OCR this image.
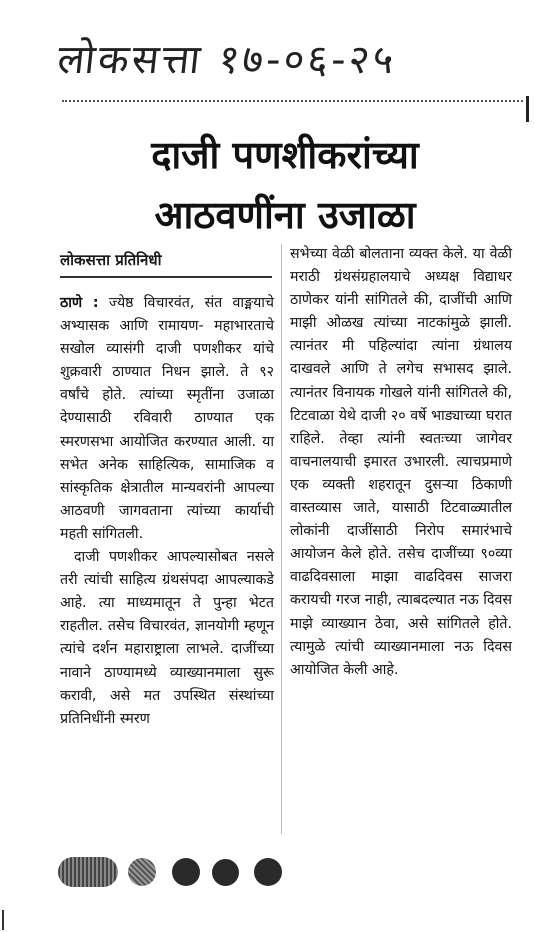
लोकसत्ता १७-०६-२५
दाजी पणशीकरांच्या
आठवणींना उजाळा
लोकसत्ता प्रतिनिधी

ठाणे : ज्येष्ठ विचारवंत, संत वाङ्मयाचे अभ्यासक आणि रामायण- महाभारताचे सखोल व्यासंगी दाजी पणशीकर यांचे शुक्रवारी ठाण्यात निधन झाले. ते ९२ वर्षांचे होते. त्यांच्या स्मृतींना उजाळा देण्यासाठी रविवारी ठाण्यात एक स्मरणसभा आयोजित करण्यात आली. या सभेत अनेक साहित्यिक, सामाजिक व सांस्कृतिक क्षेत्रातील मान्यवरांनी आपल्या आठवणी जागवताना त्यांच्या कार्याची महती सांगितली.

दाजी पणशीकर आपल्यासोबत नसले तरी त्यांची साहित्य ग्रंथसंपदा आपल्याकडे आहे. त्या माध्यमातून ते पुन्हा भेटत राहतील. तसेच विचारवंत, ज्ञानयोगी म्हणून त्यांचे दर्शन महाराष्ट्राला लाभले. दाजींच्या नावाने ठाण्यामध्ये व्याख्यानमाला सुरू करावी, असे मत उपस्थित संस्थांच्या प्रतिनिधींनी स्मरण

सभेच्या वेळी बोलताना व्यक्त केले. या वेळी मराठी ग्रंथसंग्रहालयाचे अध्यक्ष विद्याधर ठाणेकर यांनी सांगितले की, दाजींची आणि माझी ओळख त्यांच्या नाटकांमुळे झाली. त्यानंतर मी पहिल्यांदा त्यांना ग्रंथालय दाखवले आणि ते लगेच सभासद झाले. त्यानंतर विनायक गोखले यांनी सांगितले की, टिटवाळा येथे दाजी २० वर्षे भाड्याच्या घरात राहिले. तेव्हा त्यांनी स्वतःच्या जागेवर वाचनालयाची इमारत उभारली. त्याचप्रमाणे एक व्यक्ती शहरातून दुसऱ्या ठिकाणी वास्तव्यास जाते, यासाठी टिटवाळ्यातील लोकांनी दाजींसाठी निरोप समारंभाचे आयोजन केले होते. तसेच दाजींच्या ९०व्या वाढदिवसाला माझा वाढदिवस साजरा करायची गरज नाही, त्याबदल्यात नऊ दिवस माझे व्याख्यान ठेवा, असे सांगितले होते. त्यामुळे त्यांची व्याख्यानमाला नऊ दिवस आयोजित केली आहे.
